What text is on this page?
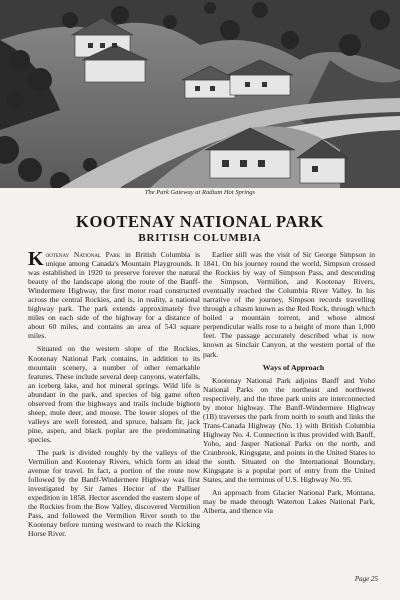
The Park Gateway at Radium Hot Springs
KOOTENAY NATIONAL PARK
BRITISH COLUMBIA

Kootenay National Park in British Columbia is unique among Canada's Mountain Playgrounds. It was established in 1920 to preserve forever the natural beauty of the landscape along the route of the Banff-Windermere Highway, the first motor road constructed across the central Rockies, and is, in reality, a national highway park. The park extends approximately five miles on each side of the highway for a distance of about 60 miles, and contains an area of 543 square miles.

Situated on the western slope of the Rockies, Kootenay National Park contains, in addition to its mountain scenery, a number of other remarkable features. These include several deep canyons, waterfalls, an iceberg lake, and hot mineral springs. Wild life is abundant in the park, and species of big game often observed from the highways and trails include bighorn sheep, mule deer, and moose. The lower slopes of the valleys are well forested, and spruce, balsam fir, jack pine, aspen, and black poplar are the predominating species.

The park is divided roughly by the valleys of the Vermilion and Kootenay Rivers, which form an ideal avenue for travel. In fact, a portion of the route now followed by the Banff-Windermere Highway was first investigated by Sir James Hector of the Palliser expedition in 1858. Hector ascended the eastern slope of the Rockies from the Bow Valley, discovered Vermilion Pass, and followed the Vermilion River south to the Kootenay before turning westward to reach the Kicking Horse River.

Earlier still was the visit of Sir George Simpson in 1841. On his journey round the world, Simpson crossed the Rockies by way of Simpson Pass, and descending the Simpson, Vermilion, and Kootenay Rivers, eventually reached the Columbia River Valley. In his narrative of the journey, Simpson records travelling through a chasm known as the Red Rock, through which boiled a mountain torrent, and whose almost perpendicular walls rose to a height of more than 1,000 feet. The passage accurately described what is now known as Sinclair Canyon, at the western portal of the park.

Ways of Approach

Kootenay National Park adjoins Banff and Yoho National Parks on the northeast and northwest respectively, and the three park units are interconnected by motor highway. The Banff-Windermere Highway (1B) traverses the park from north to south and links the Trans-Canada Highway (No. 1) with British Columbia Highway No. 4. Connection is thus provided with Banff, Yoho, and Jasper National Parks on the north, and Cranbrook, Kingsgate, and points in the United States to the south. Situated on the International Boundary, Kingsgate is a popular port of entry from the United States, and the terminus of U.S. Highway No. 95.

An approach from Glacier National Park, Montana, may be made through Waterton Lakes National Park, Alberta, and thence via

Page 25
